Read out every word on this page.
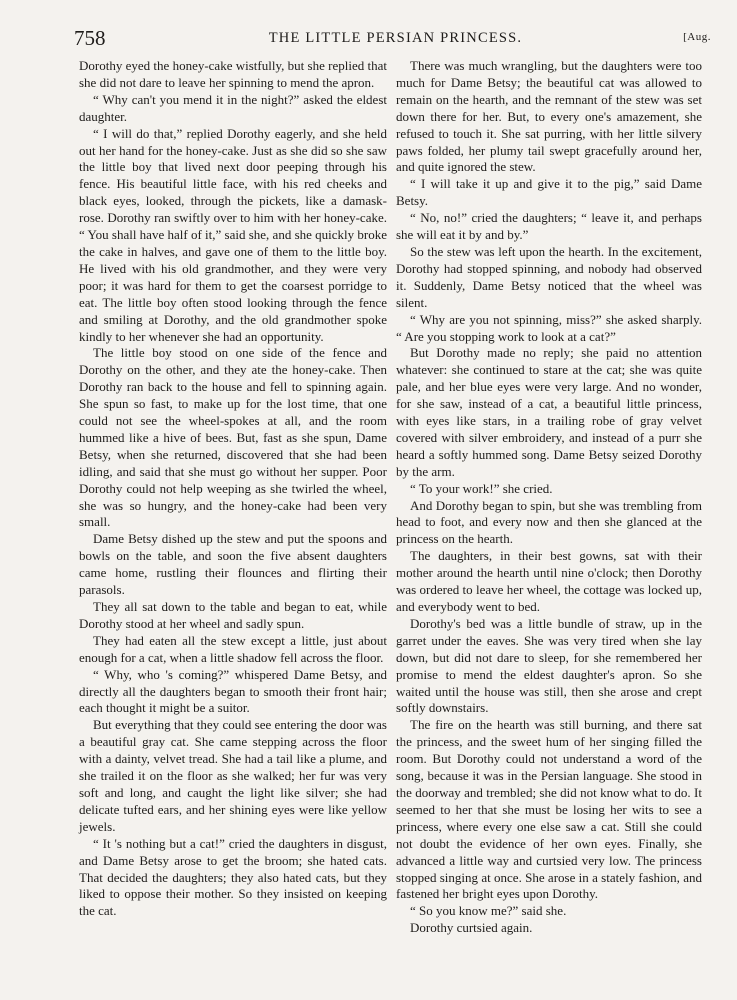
758	THE LITTLE PERSIAN PRINCESS.	[Aug.

Dorothy eyed the honey-cake wistfully, but she replied that she did not dare to leave her spinning to mend the apron.

“ Why can't you mend it in the night?” asked the eldest daughter.

“ I will do that,” replied Dorothy eagerly, and she held out her hand for the honey-cake. Just as she did so she saw the little boy that lived next door peeping through his fence. His beautiful little face, with his red cheeks and black eyes, looked, through the pickets, like a damask-rose. Dorothy ran swiftly over to him with her honey-cake. “ You shall have half of it,” said she, and she quickly broke the cake in halves, and gave one of them to the little boy. He lived with his old grandmother, and they were very poor; it was hard for them to get the coarsest porridge to eat. The little boy often stood looking through the fence and smiling at Dorothy, and the old grandmother spoke kindly to her whenever she had an opportunity.

The little boy stood on one side of the fence and Dorothy on the other, and they ate the honey-cake. Then Dorothy ran back to the house and fell to spinning again. She spun so fast, to make up for the lost time, that one could not see the wheel-spokes at all, and the room hummed like a hive of bees. But, fast as she spun, Dame Betsy, when she returned, discovered that she had been idling, and said that she must go without her supper. Poor Dorothy could not help weeping as she twirled the wheel, she was so hungry, and the honey-cake had been very small.

Dame Betsy dished up the stew and put the spoons and bowls on the table, and soon the five absent daughters came home, rustling their flounces and flirting their parasols.

They all sat down to the table and began to eat, while Dorothy stood at her wheel and sadly spun.

They had eaten all the stew except a little, just about enough for a cat, when a little shadow fell across the floor.

“ Why, who 's coming?” whispered Dame Betsy, and directly all the daughters began to smooth their front hair; each thought it might be a suitor.

But everything that they could see entering the door was a beautiful gray cat. She came stepping across the floor with a dainty, velvet tread. She had a tail like a plume, and she trailed it on the floor as she walked; her fur was very soft and long, and caught the light like silver; she had delicate tufted ears, and her shining eyes were like yellow jewels.

“ It 's nothing but a cat!” cried the daughters in disgust, and Dame Betsy arose to get the broom; she hated cats. That decided the daughters; they also hated cats, but they liked to oppose their mother. So they insisted on keeping the cat.

There was much wrangling, but the daughters were too much for Dame Betsy; the beautiful cat was allowed to remain on the hearth, and the remnant of the stew was set down there for her. But, to every one's amazement, she refused to touch it. She sat purring, with her little silvery paws folded, her plumy tail swept gracefully around her, and quite ignored the stew.

“ I will take it up and give it to the pig,” said Dame Betsy.

“ No, no!” cried the daughters; “ leave it, and perhaps she will eat it by and by.”

So the stew was left upon the hearth. In the excitement, Dorothy had stopped spinning, and nobody had observed it. Suddenly, Dame Betsy noticed that the wheel was silent.

“ Why are you not spinning, miss?” she asked sharply. “ Are you stopping work to look at a cat?”

But Dorothy made no reply; she paid no attention whatever: she continued to stare at the cat; she was quite pale, and her blue eyes were very large. And no wonder, for she saw, instead of a cat, a beautiful little princess, with eyes like stars, in a trailing robe of gray velvet covered with silver embroidery, and instead of a purr she heard a softly hummed song. Dame Betsy seized Dorothy by the arm.

“ To your work!” she cried.

And Dorothy began to spin, but she was trembling from head to foot, and every now and then she glanced at the princess on the hearth.

The daughters, in their best gowns, sat with their mother around the hearth until nine o'clock; then Dorothy was ordered to leave her wheel, the cottage was locked up, and everybody went to bed.

Dorothy's bed was a little bundle of straw, up in the garret under the eaves. She was very tired when she lay down, but did not dare to sleep, for she remembered her promise to mend the eldest daughter's apron. So she waited until the house was still, then she arose and crept softly downstairs.

The fire on the hearth was still burning, and there sat the princess, and the sweet hum of her singing filled the room. But Dorothy could not understand a word of the song, because it was in the Persian language. She stood in the doorway and trembled; she did not know what to do. It seemed to her that she must be losing her wits to see a princess, where every one else saw a cat. Still she could not doubt the evidence of her own eyes. Finally, she advanced a little way and curtsied very low. The princess stopped singing at once. She arose in a stately fashion, and fastened her bright eyes upon Dorothy.

“ So you know me?” said she.

Dorothy curtsied again.
